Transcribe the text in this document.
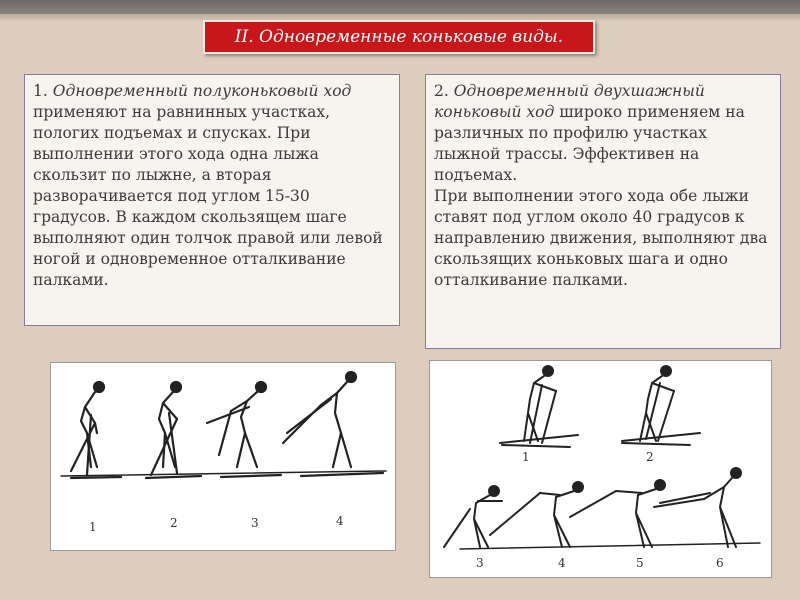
II. Одновременные коньковые виды.
1. Одновременный полуконьковый ход применяют на равнинных участках, пологих подъемах и спусках. При выполнении этого хода одна лыжа скользит по лыжне, а вторая разворачивается под углом 15-30 градусов. В каждом скользящем шаге выполняют один толчок правой или левой ногой и одновременное отталкивание палками.
2. Одновременный двухшажный коньковый ход широко применяем на различных по профилю участках лыжной трассы. Эффективен на подъемах.
При выполнении этого хода обе лыжи ставят под углом около 40 градусов к направлению движения, выполняют два скользящих коньковых шага и одно отталкивание палками.
1	2	3	4
1	2
3	4	5	6
